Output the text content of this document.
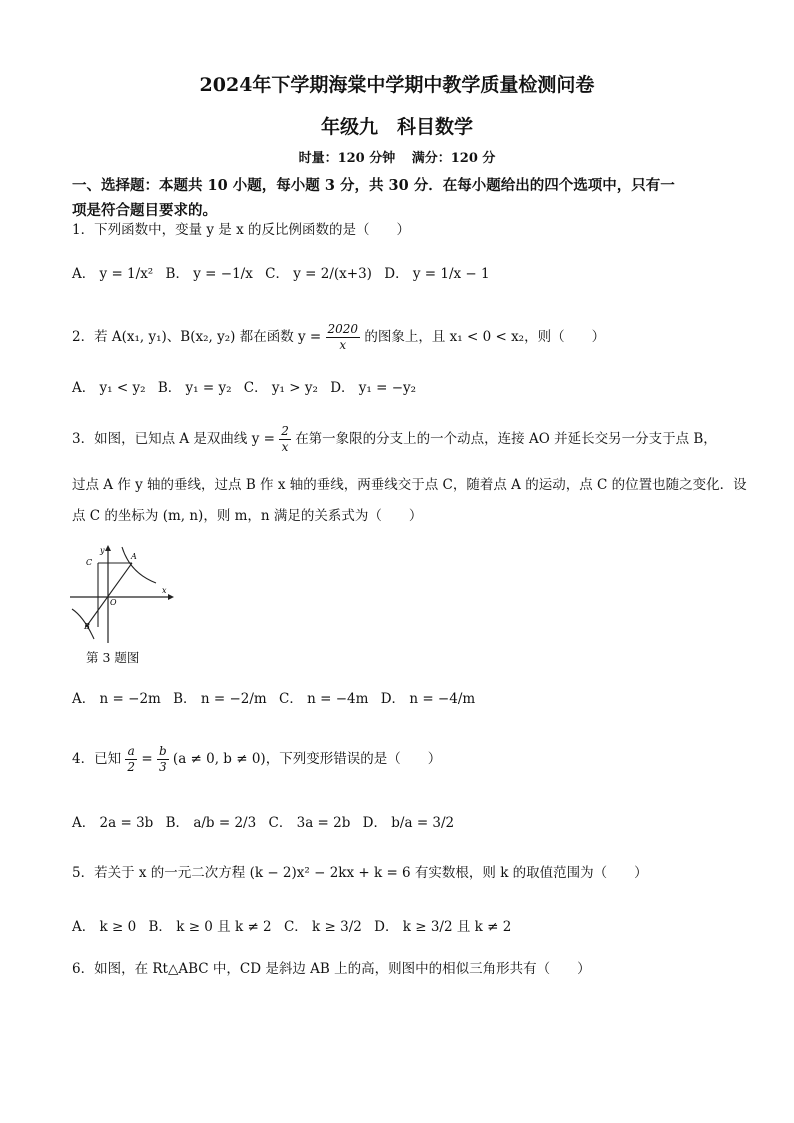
2024年下学期海棠中学期中教学质量检测问卷
年级九　科目数学
时量：120 分钟 满分：120 分
一、选择题：本题共 10 小题，每小题 3 分，共 30 分．在每小题给出的四个选项中，只有一
项是符合题目要求的。
1．下列函数中，变量 y 是 x 的反比例函数的是（　　）
A． y = 1/x² B． y = −1/x C． y = 2/(x+3) D． y = 1/x − 1
2．若 A(x₁, y₁)、B(x₂, y₂) 都在函数 $y = \frac{2020}{x}$ 的图象上，且 x₁ < 0 < x₂，则（　　）
A． y₁ < y₂ B． y₁ = y₂ C． y₁ > y₂ D． y₁ = −y₂
3．如图，已知点 A 是双曲线 $y = \frac{2}{x}$ 在第一象限的分支上的一个动点，连接 AO 并延长交另一分支于点 B，
过点 A 作 y 轴的垂线，过点 B 作 x 轴的垂线，两垂线交于点 C，随着点 A 的运动，点 C 的位置也随之变化．设
点 C 的坐标为 (m, n)，则 m，n 满足的关系式为（　　）
y
C
A
O
x
B
第 3 题图
A． n = −2m B． n = −2/m C． n = −4m D． n = −4/m
4．已知 $\frac{a}{2} = \frac{b}{3} (a \ne 0$, b ≠ 0)，下列变形错误的是（　　）
A． 2a = 3b B． a/b = 2/3 C． 3a = 2b D． b/a = 3/2
5．若关于 x 的一元二次方程 (k − 2)x² − 2kx + k = 6 有实数根，则 k 的取值范围为（　　）
A． k ≥ 0 B． k ≥ 0 且 k ≠ 2 C． k ≥ 3/2 D． k ≥ 3/2 且 k ≠ 2
6．如图，在 Rt△ABC 中，CD 是斜边 AB 上的高，则图中的相似三角形共有（　　）
